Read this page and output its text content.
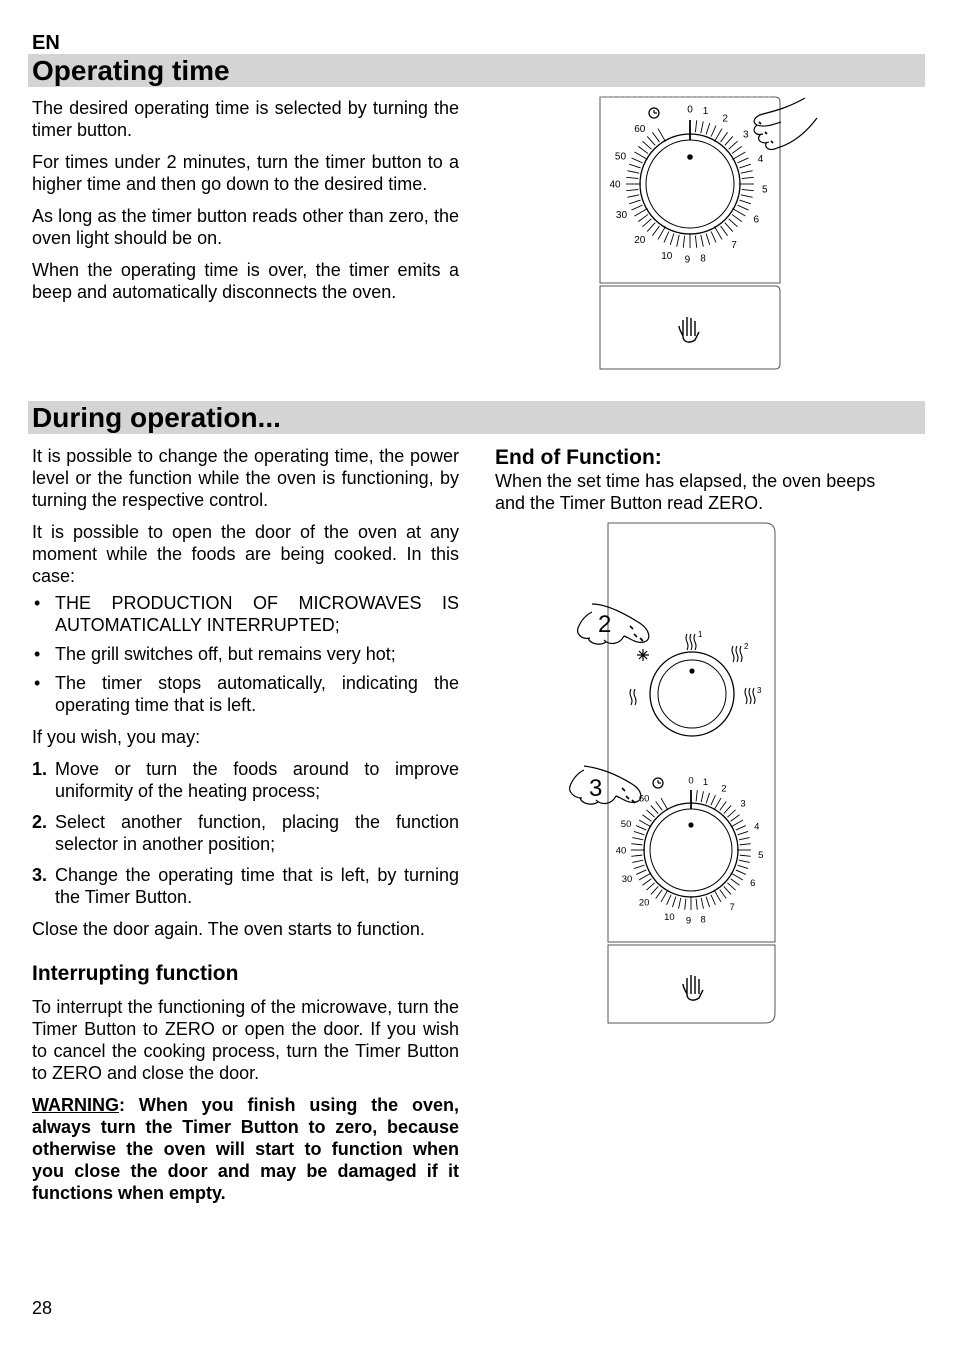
EN
Operating time

The desired operating time is selected by turning the timer button.

For times under 2 minutes, turn the timer button to a higher time and then go down to the desired time.

As long as the timer button reads other than zero, the oven light should be on.

When the operating time is over, the timer emits a beep and automatically disconnects the oven.

0 1
2
3
4
5
6
7
8
9
10
20
30
40
50
60
During operation...

It is possible to change the operating time, the power level or the function while the oven is functioning, by turning the respective control.

It is possible to open the door of the oven at any moment while the foods are being cooked. In this case:

• THE PRODUCTION OF MICROWAVES IS AUTOMATICALLY INTERRUPTED;
• The grill switches off, but remains very hot;
• The timer stops automatically, indicating the operating time that is left.

If you wish, you may:

1. Move or turn the foods around to improve uniformity of the heating process;
2. Select another function, placing the function selector in another position;
3. Change the operating time that is left, by turning the Timer Button.

Close the door again. The oven starts to function.

Interrupting function

To interrupt the functioning of the microwave, turn the Timer Button to ZERO or open the door. If you wish to cancel the cooking process, turn the Timer Button to ZERO and close the door.

WARNING: When you finish using the oven, always turn the Timer Button to zero, because otherwise the oven will start to function when you close the door and may be damaged if it functions when empty.

End of Function:
When the set time has elapsed, the oven beeps and the Timer Button read ZERO.
1
2
3
0 1
2
3
4
5
6
7
8
9
10
20
30
40
50
60
2
3
28
